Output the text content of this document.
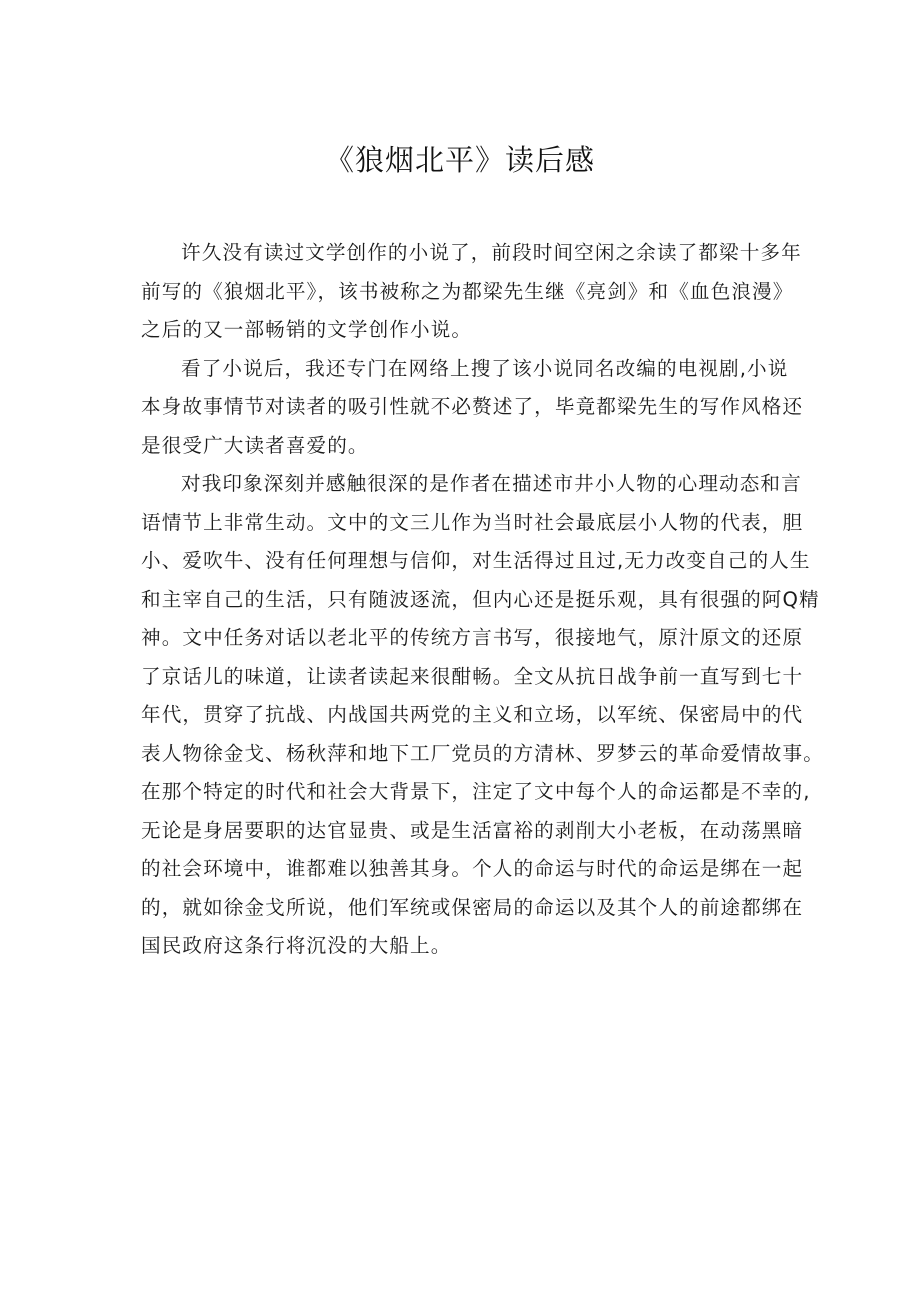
《狼烟北平》读后感
许久没有读过文学创作的小说了，前段时间空闲之余读了都梁十多年
前写的《狼烟北平》，该书被称之为都梁先生继《亮剑》和《血色浪漫》
之后的又一部畅销的文学创作小说。
看了小说后，我还专门在网络上搜了该小说同名改编的电视剧,小说
本身故事情节对读者的吸引性就不必赘述了，毕竟都梁先生的写作风格还
是很受广大读者喜爱的。
对我印象深刻并感触很深的是作者在描述市井小人物的心理动态和言
语情节上非常生动。文中的文三儿作为当时社会最底层小人物的代表，胆
小、爱吹牛、没有任何理想与信仰，对生活得过且过,无力改变自己的人生
和主宰自己的生活，只有随波逐流，但内心还是挺乐观，具有很强的阿Q精
神。文中任务对话以老北平的传统方言书写，很接地气，原汁原文的还原
了京话儿的味道，让读者读起来很酣畅。全文从抗日战争前一直写到七十
年代，贯穿了抗战、内战国共两党的主义和立场，以军统、保密局中的代
表人物徐金戈、杨秋萍和地下工厂党员的方清林、罗梦云的革命爱情故事。
在那个特定的时代和社会大背景下，注定了文中每个人的命运都是不幸的,
无论是身居要职的达官显贵、或是生活富裕的剥削大小老板，在动荡黑暗
的社会环境中，谁都难以独善其身。个人的命运与时代的命运是绑在一起
的，就如徐金戈所说，他们军统或保密局的命运以及其个人的前途都绑在
国民政府这条行将沉没的大船上。
